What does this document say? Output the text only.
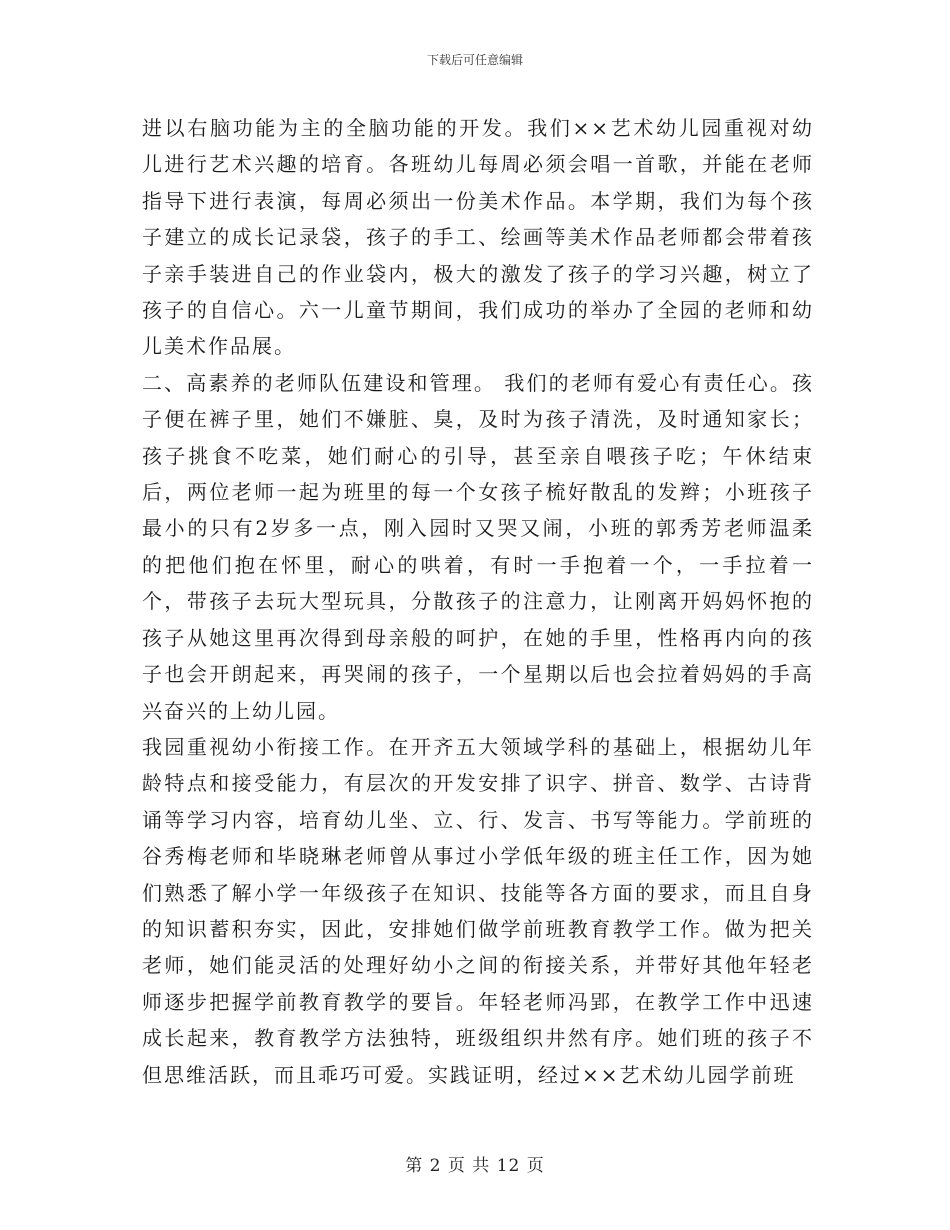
下载后可任意编辑

进以右脑功能为主的全脑功能的开发。我们××艺术幼儿园重视对幼儿进行艺术兴趣的培育。各班幼儿每周必须会唱一首歌，并能在老师指导下进行表演，每周必须出一份美术作品。本学期，我们为每个孩子建立的成长记录袋，孩子的手工、绘画等美术作品老师都会带着孩子亲手装进自己的作业袋内，极大的激发了孩子的学习兴趣，树立了孩子的自信心。六一儿童节期间，我们成功的举办了全园的老师和幼儿美术作品展。

二、高素养的老师队伍建设和管理。 我们的老师有爱心有责任心。孩子便在裤子里，她们不嫌脏、臭，及时为孩子清洗，及时通知家长；孩子挑食不吃菜，她们耐心的引导，甚至亲自喂孩子吃；午休结束后，两位老师一起为班里的每一个女孩子梳好散乱的发辫；小班孩子最小的只有2岁多一点，刚入园时又哭又闹，小班的郭秀芳老师温柔的把他们抱在怀里，耐心的哄着，有时一手抱着一个，一手拉着一个，带孩子去玩大型玩具，分散孩子的注意力，让刚离开妈妈怀抱的孩子从她这里再次得到母亲般的呵护，在她的手里，性格再内向的孩子也会开朗起来，再哭闹的孩子，一个星期以后也会拉着妈妈的手高兴奋兴的上幼儿园。

我园重视幼小衔接工作。在开齐五大领域学科的基础上，根据幼儿年龄特点和接受能力，有层次的开发安排了识字、拼音、数学、古诗背诵等学习内容，培育幼儿坐、立、行、发言、书写等能力。学前班的谷秀梅老师和毕晓琳老师曾从事过小学低年级的班主任工作，因为她们熟悉了解小学一年级孩子在知识、技能等各方面的要求，而且自身的知识蓄积夯实，因此，安排她们做学前班教育教学工作。做为把关老师，她们能灵活的处理好幼小之间的衔接关系，并带好其他年轻老师逐步把握学前教育教学的要旨。年轻老师冯郢，在教学工作中迅速成长起来，教育教学方法独特，班级组织井然有序。她们班的孩子不但思维活跃，而且乖巧可爱。实践证明，经过××艺术幼儿园学前班

第 2 页 共 12 页
